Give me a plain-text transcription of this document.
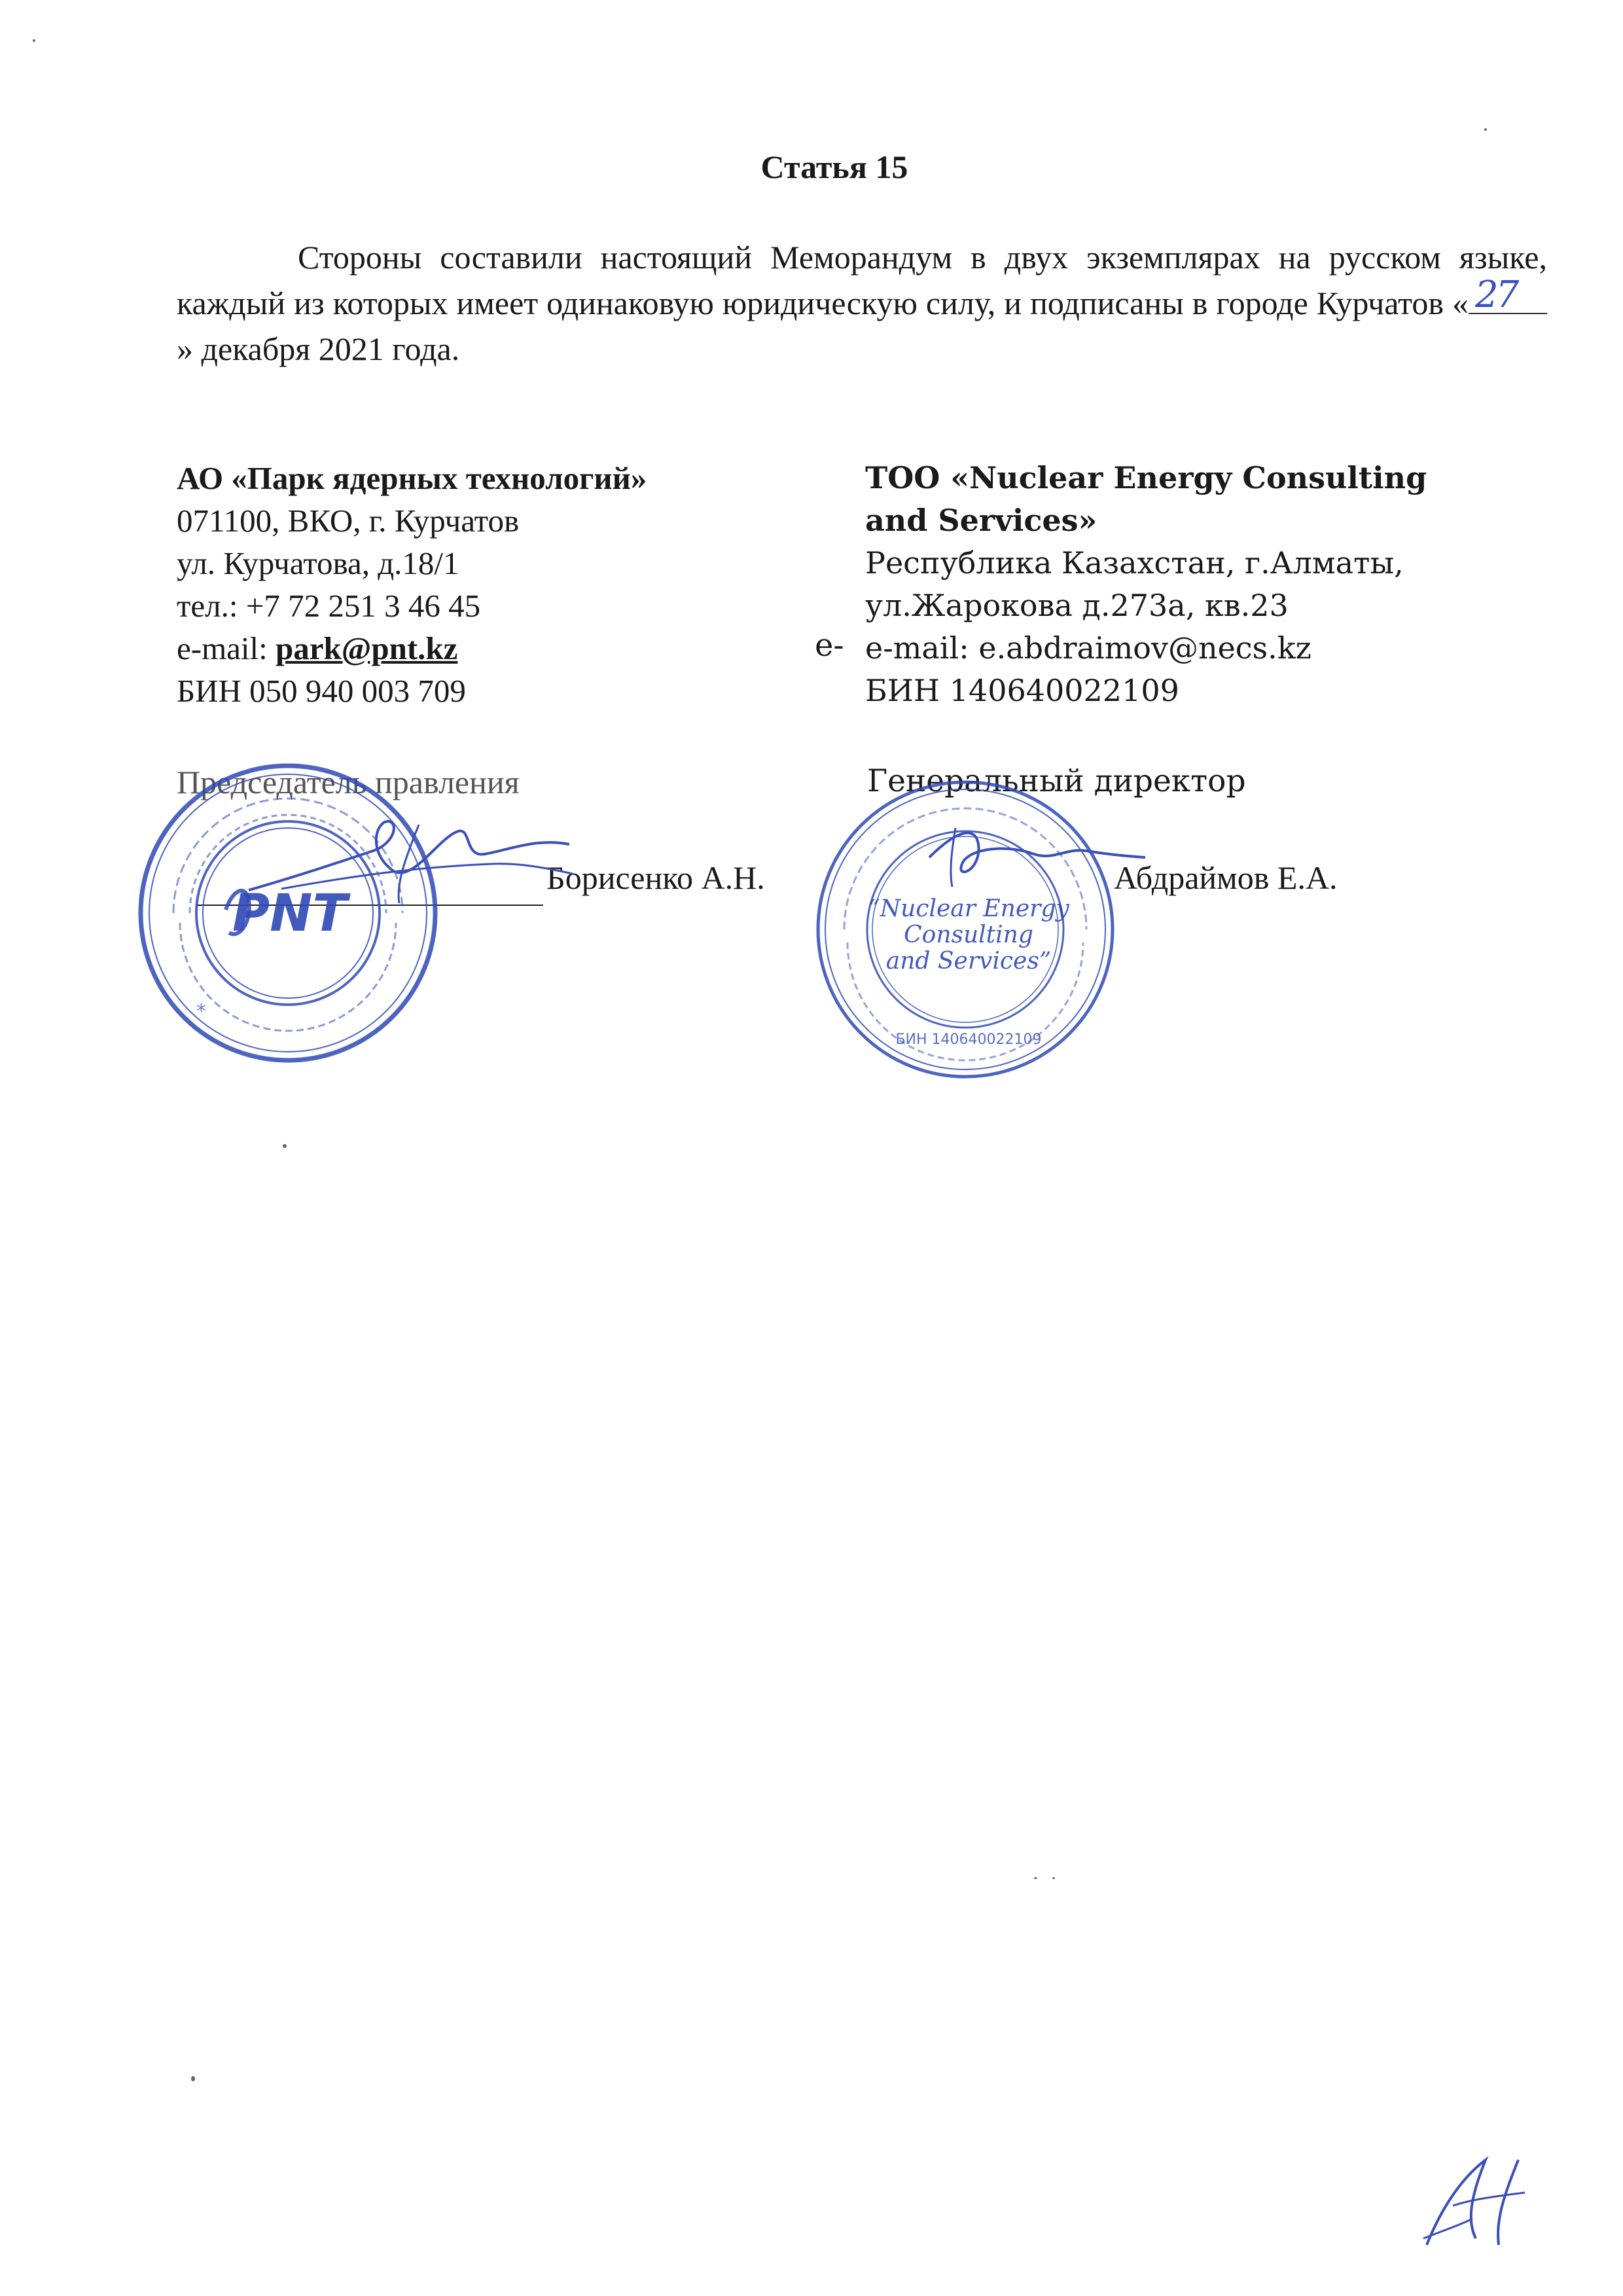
Статья 15
Стороны составили настоящий Меморандум в двух экземплярах на русском языке, каждый из которых имеет одинаковую юридическую силу, и подписаны в городе Курчатов « 27
» декабря 2021 года.
АО «Парк ядерных технологий»
071100, ВКО, г. Курчатов
ул. Курчатова, д.18/1
тел.: +7 72 251 3 46 45
e-mail: park@pnt.kz
БИН 050 940 003 709
ТОО «Nuclear Energy Consulting
and Services»
Республика Казахстан, г.Алматы,
ул.Жарокова д.273а, кв.23
e-mail: e.abdraimov@necs.kz
БИН 140640022109
e-
Председатель правления	Генеральный директор
Борисенко А.Н.	Абдраймов Е.А.
PNT
*
“Nuclear Energy
Consulting
and Services”
БИН 140640022109
